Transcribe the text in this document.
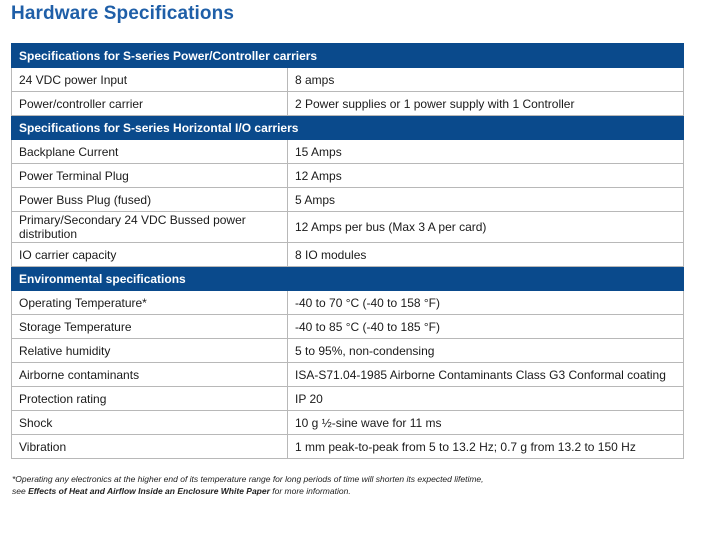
Hardware Specifications
Specifications for S-series Power/Controller carriers	
24 VDC power Input	8 amps
Power/controller carrier	2 Power supplies or 1 power supply with 1 Controller
Specifications for S-series Horizontal I/O carriers	
Backplane Current	15 Amps
Power Terminal Plug	12 Amps
Power Buss Plug (fused)	5 Amps
Primary/Secondary 24 VDC Bussed power distribution	12 Amps per bus (Max 3 A per card)
IO carrier capacity	8 IO modules
Environmental specifications	
Operating Temperature*	-40 to 70 °C (-40 to 158 °F)
Storage Temperature	-40 to 85 °C (-40 to 185 °F)
Relative humidity	5 to 95%, non-condensing
Airborne contaminants	ISA-S71.04-1985 Airborne Contaminants Class G3 Conformal coating
Protection rating	IP 20
Shock	10 g ½-sine wave for 11 ms
Vibration	1 mm peak-to-peak from 5 to 13.2 Hz; 0.7 g from 13.2 to 150 Hz
*Operating any electronics at the higher end of its temperature range for long periods of time will shorten its expected lifetime,
see Effects of Heat and Airflow Inside an Enclosure White Paper for more information.
